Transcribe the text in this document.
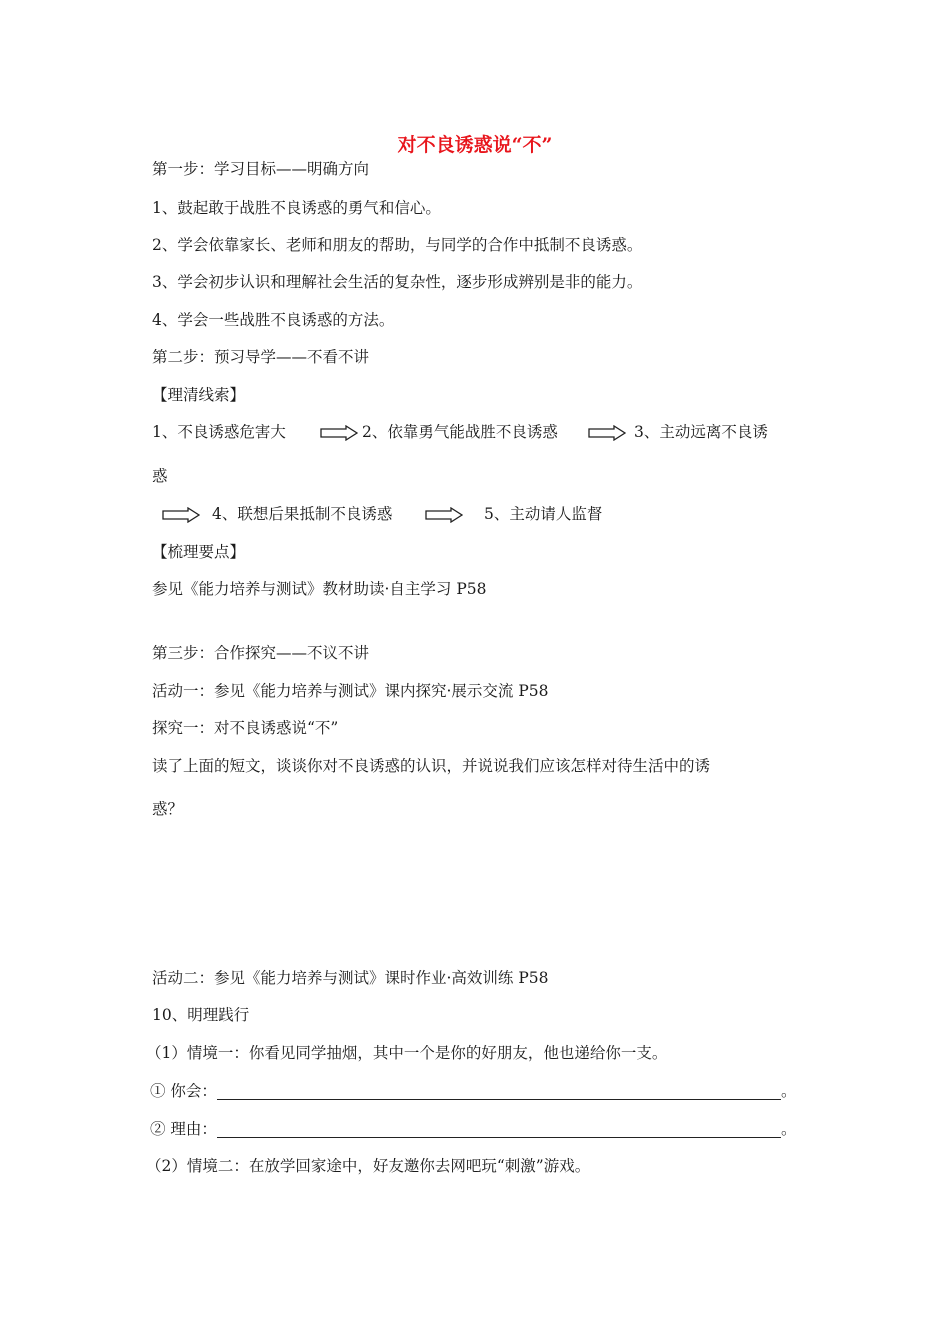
对不良诱惑说“不”
第一步：学习目标——明确方向
1、鼓起敢于战胜不良诱惑的勇气和信心。
2、学会依靠家长、老师和朋友的帮助，与同学的合作中抵制不良诱惑。
3、学会初步认识和理解社会生活的复杂性，逐步形成辨别是非的能力。
4、学会一些战胜不良诱惑的方法。
第二步：预习导学——不看不讲
【理清线索】
1、不良诱惑危害大	2、依靠勇气能战胜不良诱惑	3、主动远离不良诱
惑
4、联想后果抵制不良诱惑	5、主动请人监督
【梳理要点】
参见《能力培养与测试》教材助读·自主学习 P58
第三步：合作探究——不议不讲
活动一：参见《能力培养与测试》课内探究·展示交流 P58
探究一：对不良诱惑说“不”
读了上面的短文，谈谈你对不良诱惑的认识，并说说我们应该怎样对待生活中的诱
惑？
活动二：参见《能力培养与测试》课时作业·高效训练 P58
10、明理践行
（1）情境一：你看见同学抽烟，其中一个是你的好朋友，他也递给你一支。
① 你会：	。
② 理由：	。
（2）情境二：在放学回家途中，好友邀你去网吧玩“刺激”游戏。
